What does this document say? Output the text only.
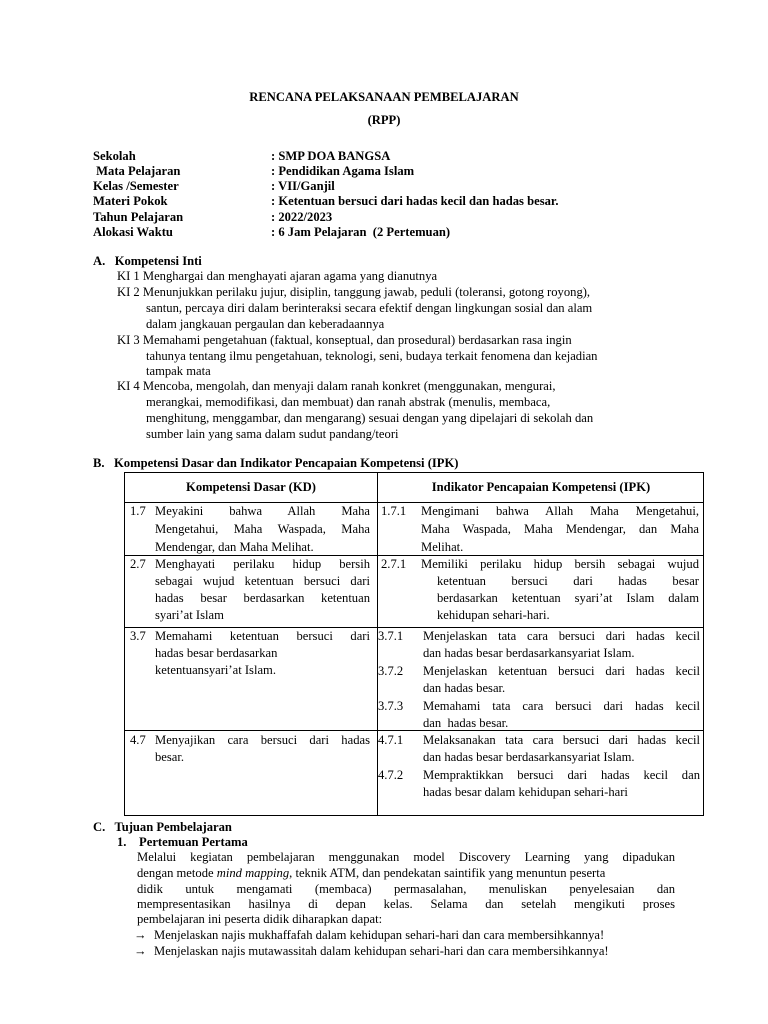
RENCANA PELAKSANAAN PEMBELAJARAN
(RPP)
Sekolah	: SMP DOA BANGSA
Mata Pelajaran	: Pendidikan Agama Islam
Kelas /Semester	: VII/Ganjil
Materi Pokok	: Ketentuan bersuci dari hadas kecil dan hadas besar.
Tahun Pelajaran	: 2022/2023
Alokasi Waktu	: 6 Jam Pelajaran  (2 Pertemuan)
A.   Kompetensi Inti
KI 1 Menghargai dan menghayati ajaran agama yang dianutnya
KI 2 Menunjukkan perilaku jujur, disiplin, tanggung jawab, peduli (toleransi, gotong royong),
santun, percaya diri dalam berinteraksi secara efektif dengan lingkungan sosial dan alam
dalam jangkauan pergaulan dan keberadaannya
KI 3 Memahami pengetahuan (faktual, konseptual, dan prosedural) berdasarkan rasa ingin
tahunya tentang ilmu pengetahuan, teknologi, seni, budaya terkait fenomena dan kejadian
tampak mata
KI 4 Mencoba, mengolah, dan menyaji dalam ranah konkret (menggunakan, mengurai,
merangkai, memodifikasi, dan membuat) dan ranah abstrak (menulis, membaca,
menghitung, menggambar, dan mengarang) sesuai dengan yang dipelajari di sekolah dan
sumber lain yang sama dalam sudut pandang/teori
B.   Kompetensi Dasar dan Indikator Pencapaian Kompetensi (IPK)
Kompetensi Dasar (KD)	Indikator Pencapaian Kompetensi (IPK)
1.7 Meyakini bahwa Allah Maha
Mengetahui, Maha Waspada, Maha
Mendengar, dan Maha Melihat.
1.7.1 Mengimani bahwa Allah Maha Mengetahui,
Maha Waspada, Maha Mendengar, dan Maha
Melihat.
2.7 Menghayati perilaku hidup bersih
sebagai wujud ketentuan bersuci dari
hadas besar berdasarkan ketentuan
syari’at Islam
2.7.1 Memiliki perilaku hidup bersih sebagai wujud
ketentuan bersuci dari hadas besar
berdasarkan ketentuan syari’at Islam dalam
kehidupan sehari-hari.
3.7 Memahami ketentuan bersuci dari
hadas besar berdasarkan
ketentuansyari’at Islam.
3.7.1 Menjelaskan tata cara bersuci dari hadas kecil
dan hadas besar berdasarkansyariat Islam.
3.7.2 Menjelaskan ketentuan bersuci dari hadas kecil
dan hadas besar.
3.7.3 Memahami tata cara bersuci dari hadas kecil
dan  hadas besar.
4.7 Menyajikan cara bersuci dari hadas
besar.
4.7.1 Melaksanakan tata cara bersuci dari hadas kecil
dan hadas besar berdasarkansyariat Islam.
4.7.2 Mempraktikkan bersuci dari hadas kecil dan
hadas besar dalam kehidupan sehari-hari
C.   Tujuan Pembelajaran
1.    Pertemuan Pertama
Melalui kegiatan pembelajaran menggunakan model Discovery Learning yang dipadukan
dengan metode mind mapping, teknik ATM, dan pendekatan saintifik yang menuntun peserta
didik untuk mengamati (membaca) permasalahan, menuliskan penyelesaian dan
mempresentasikan hasilnya di depan kelas. Selama dan setelah mengikuti proses
pembelajaran ini peserta didik diharapkan dapat:
→ Menjelaskan najis mukhaffafah dalam kehidupan sehari-hari dan cara membersihkannya!
→ Menjelaskan najis mutawassitah dalam kehidupan sehari-hari dan cara membersihkannya!
